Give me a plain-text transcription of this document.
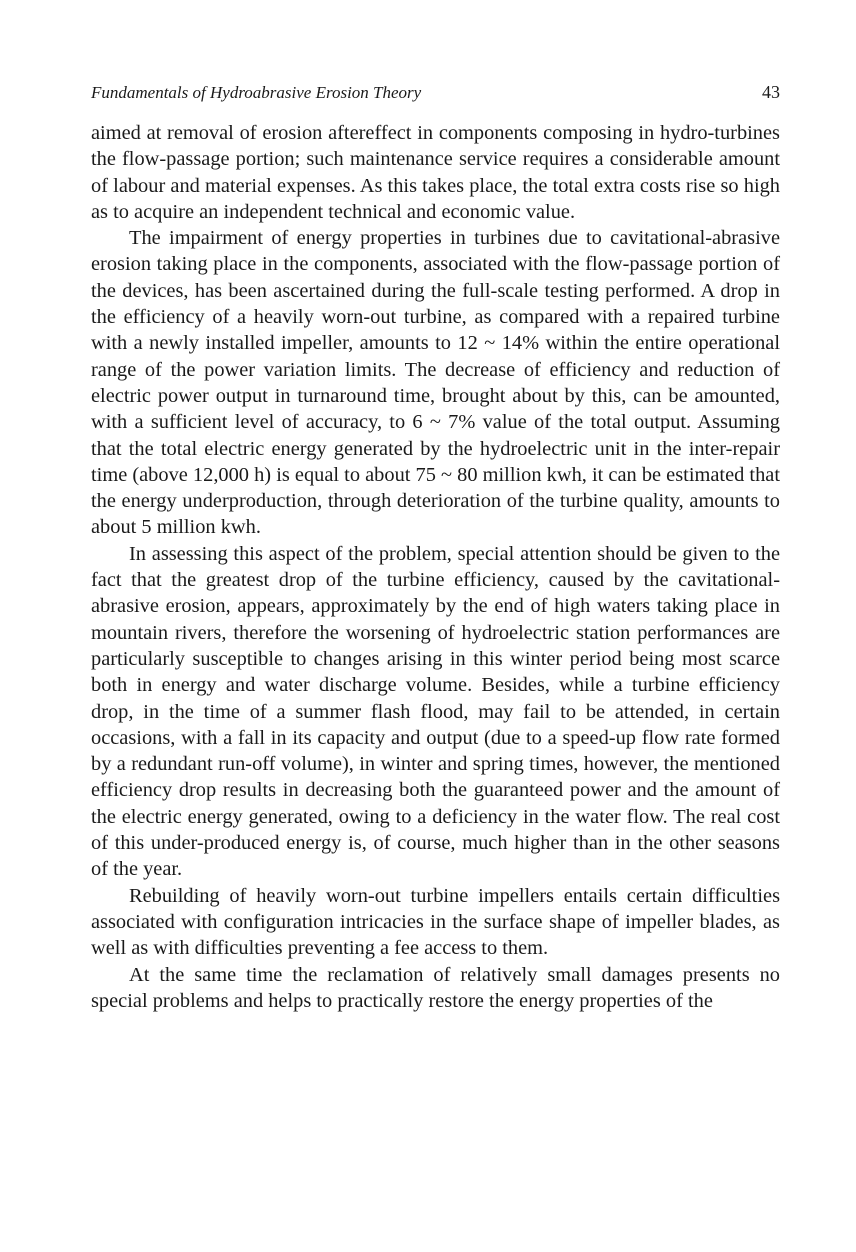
Fundamentals of Hydroabrasive Erosion Theory	43

aimed at removal of erosion aftereffect in components composing in hydro-turbines the flow-passage portion; such maintenance service requires a considerable amount of labour and material expenses. As this takes place, the total extra costs rise so high as to acquire an independent technical and economic value.

The impairment of energy properties in turbines due to cavitational-abrasive erosion taking place in the components, associated with the flow-passage portion of the devices, has been ascertained during the full-scale testing performed. A drop in the efficiency of a heavily worn-out turbine, as compared with a repaired turbine with a newly installed impeller, amounts to 12 ~ 14% within the entire operational range of the power variation limits. The decrease of efficiency and reduction of electric power output in turnaround time, brought about by this, can be amounted, with a sufficient level of accuracy, to 6 ~ 7% value of the total output. Assuming that the total electric energy generated by the hydroelectric unit in the inter-repair time (above 12,000 h) is equal to about 75 ~ 80 million kwh, it can be estimated that the energy underproduction, through deterioration of the turbine quality, amounts to about 5 million kwh.

In assessing this aspect of the problem, special attention should be given to the fact that the greatest drop of the turbine efficiency, caused by the cavitational-abrasive erosion, appears, approximately by the end of high waters taking place in mountain rivers, therefore the worsening of hydroelectric station performances are particularly susceptible to changes arising in this winter period being most scarce both in energy and water discharge volume. Besides, while a turbine efficiency drop, in the time of a summer flash flood, may fail to be attended, in certain occasions, with a fall in its capacity and output (due to a speed-up flow rate formed by a redundant run-off volume), in winter and spring times, however, the mentioned efficiency drop results in decreasing both the guaranteed power and the amount of the electric energy generated, owing to a deficiency in the water flow. The real cost of this under-produced energy is, of course, much higher than in the other seasons of the year.

Rebuilding of heavily worn-out turbine impellers entails certain difficulties associated with configuration intricacies in the surface shape of impeller blades, as well as with difficulties preventing a fee access to them.

At the same time the reclamation of relatively small damages presents no special problems and helps to practically restore the energy properties of the
